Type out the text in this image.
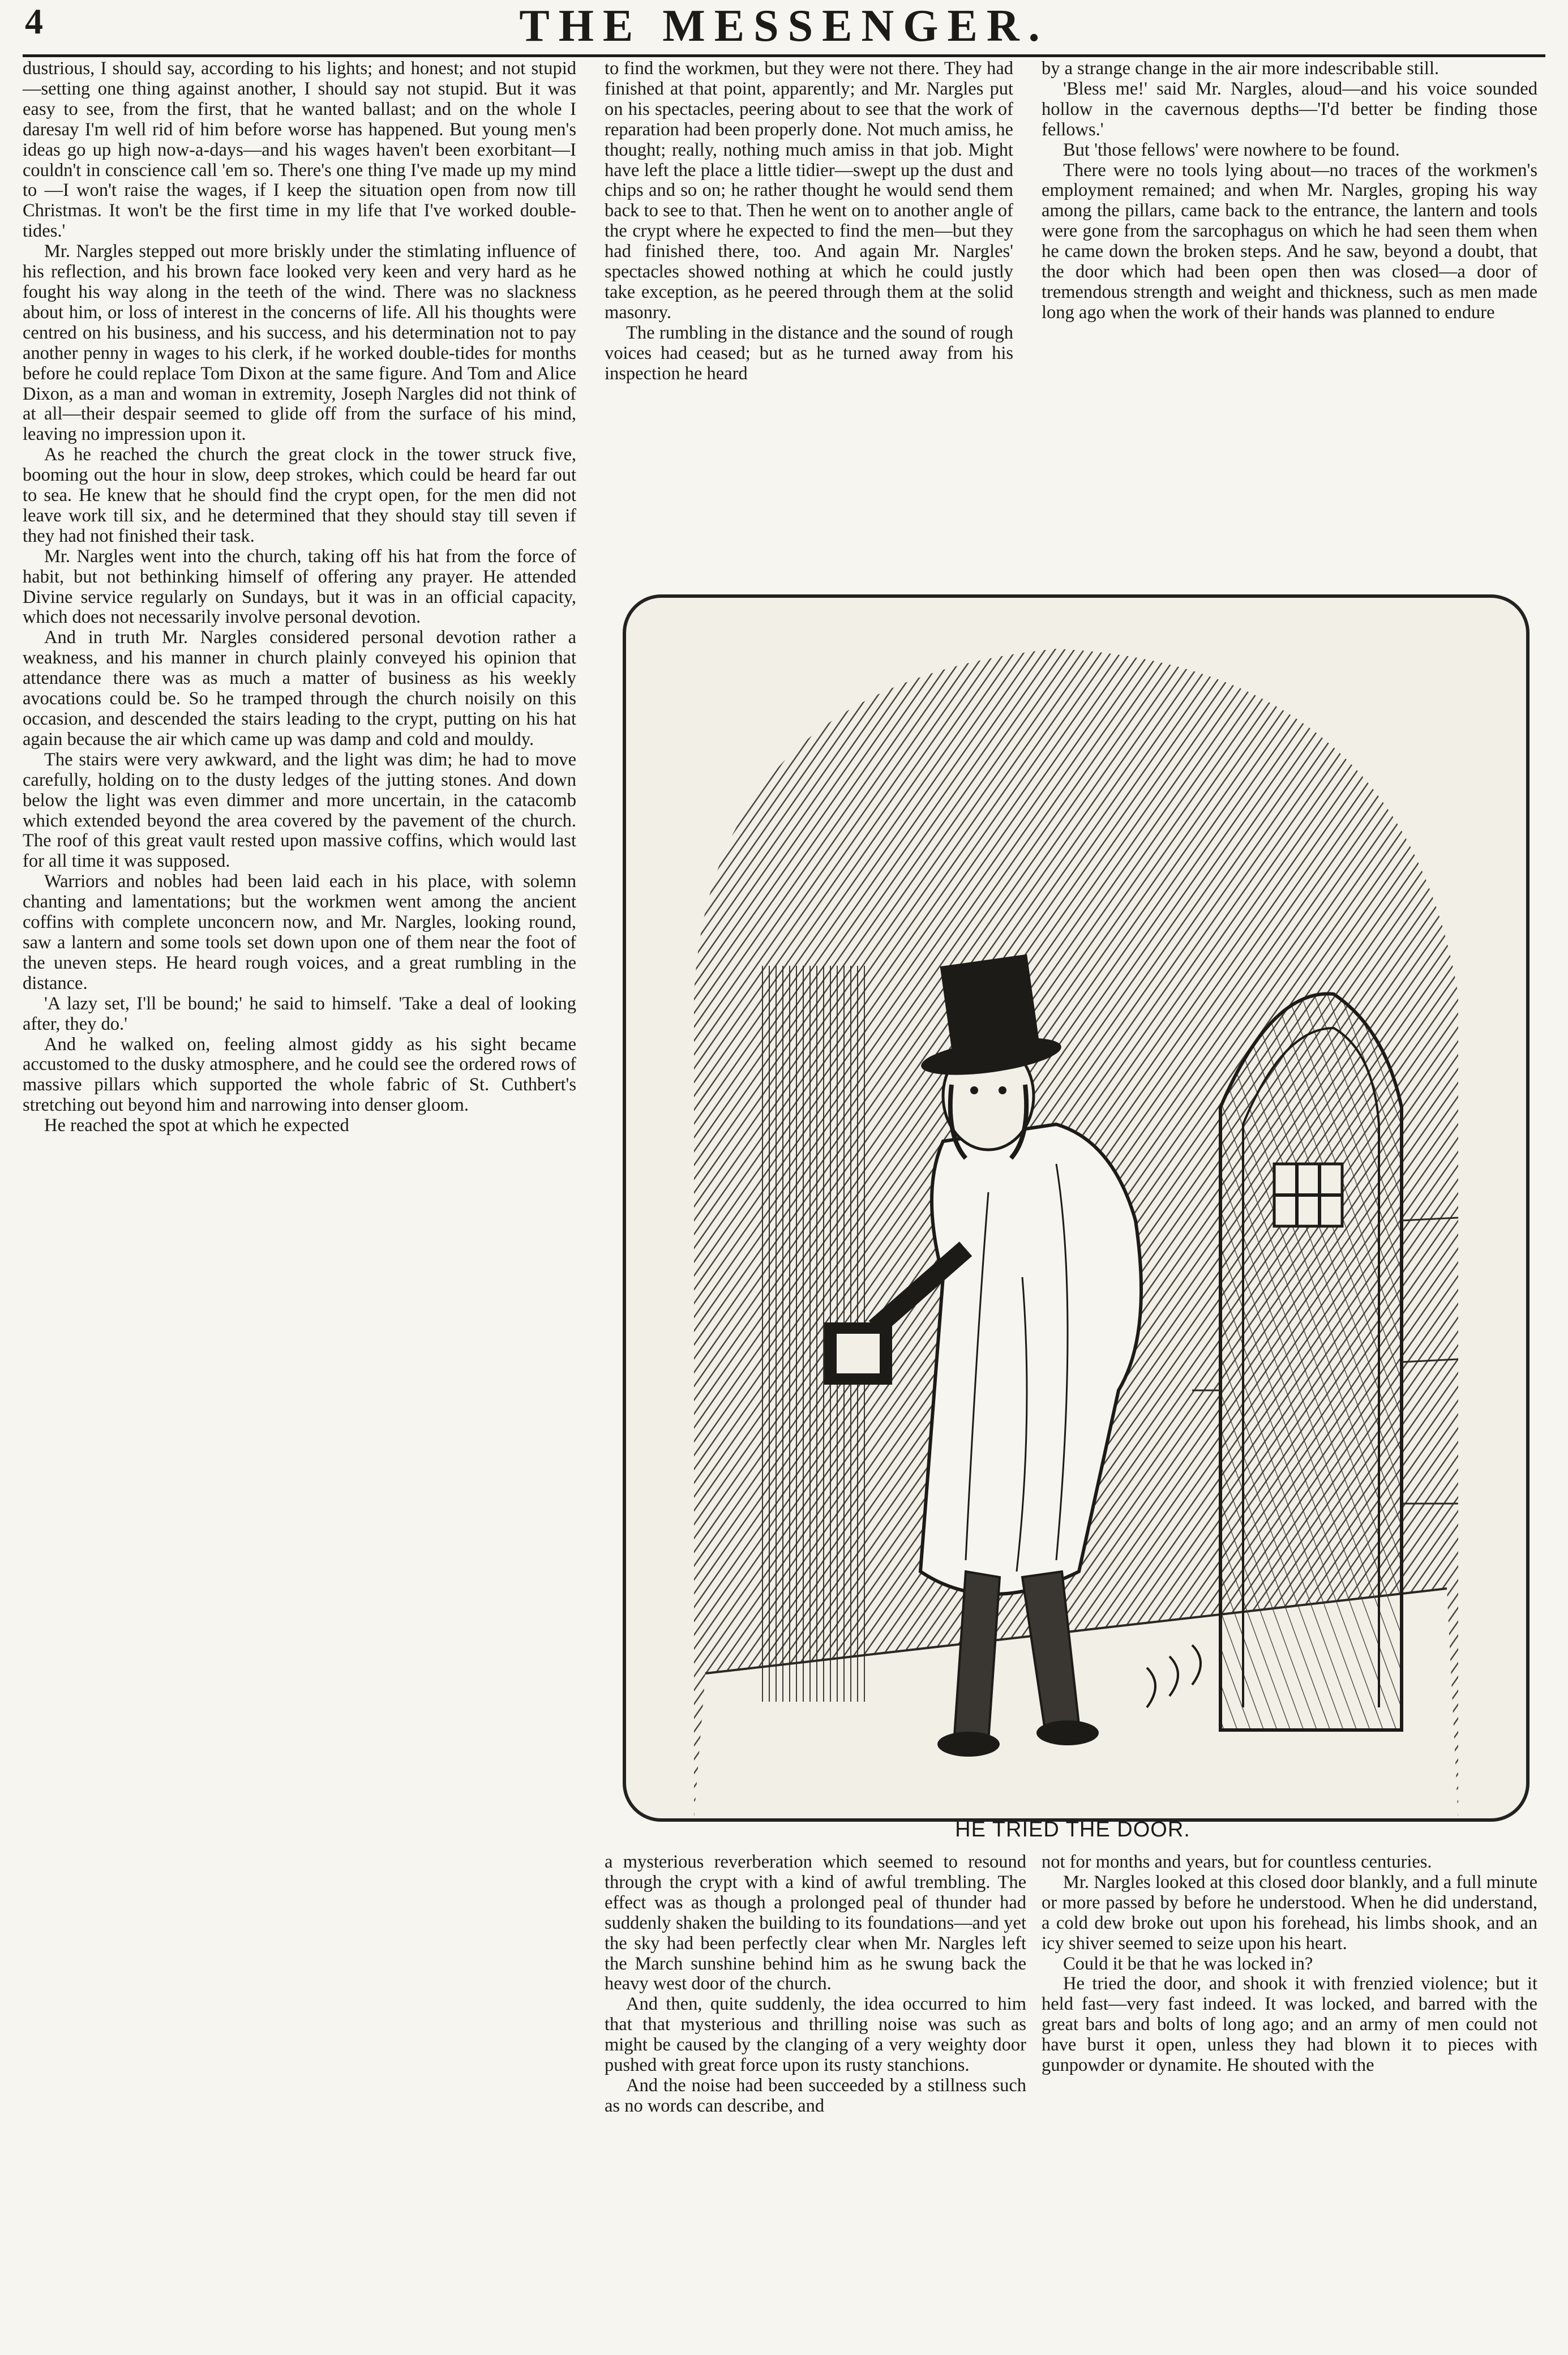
4	THE MESSENGER.

dustrious, I should say, according to his lights; and honest; and not stupid—setting one thing against another, I should say not stupid. But it was easy to see, from the first, that he wanted ballast; and on the whole I daresay I'm well rid of him before worse has happened. But young men's ideas go up high now-a-days—and his wages haven't been exorbitant—I couldn't in conscience call 'em so. There's one thing I've made up my mind to —I won't raise the wages, if I keep the situation open from now till Christmas. It won't be the first time in my life that I've worked double-tides.'

Mr. Nargles stepped out more briskly under the stimlating influence of his reflection, and his brown face looked very keen and very hard as he fought his way along in the teeth of the wind. There was no slackness about him, or loss of interest in the concerns of life. All his thoughts were centred on his business, and his success, and his determination not to pay another penny in wages to his clerk, if he worked double-tides for months before he could replace Tom Dixon at the same figure. And Tom and Alice Dixon, as a man and woman in extremity, Joseph Nargles did not think of at all—their despair seemed to glide off from the surface of his mind, leaving no impression upon it.

As he reached the church the great clock in the tower struck five, booming out the hour in slow, deep strokes, which could be heard far out to sea. He knew that he should find the crypt open, for the men did not leave work till six, and he determined that they should stay till seven if they had not finished their task.

Mr. Nargles went into the church, taking off his hat from the force of habit, but not bethinking himself of offering any prayer. He attended Divine service regularly on Sundays, but it was in an official capacity, which does not necessarily involve personal devotion.

And in truth Mr. Nargles considered personal devotion rather a weakness, and his manner in church plainly conveyed his opinion that attendance there was as much a matter of business as his weekly avocations could be. So he tramped through the church noisily on this occasion, and descended the stairs leading to the crypt, putting on his hat again because the air which came up was damp and cold and mouldy.

The stairs were very awkward, and the light was dim; he had to move carefully, holding on to the dusty ledges of the jutting stones. And down below the light was even dimmer and more uncertain, in the catacomb which extended beyond the area covered by the pavement of the church. The roof of this great vault rested upon massive coffins, which would last for all time it was supposed.

Warriors and nobles had been laid each in his place, with solemn chanting and lamentations; but the workmen went among the ancient coffins with complete unconcern now, and Mr. Nargles, looking round, saw a lantern and some tools set down upon one of them near the foot of the uneven steps. He heard rough voices, and a great rumbling in the distance.

'A lazy set, I'll be bound;' he said to himself. 'Take a deal of looking after, they do.'

And he walked on, feeling almost giddy as his sight became accustomed to the dusky atmosphere, and he could see the ordered rows of massive pillars which supported the whole fabric of St. Cuthbert's stretching out beyond him and narrowing into denser gloom.

He reached the spot at which he expected

to find the workmen, but they were not there. They had finished at that point, apparently; and Mr. Nargles put on his spectacles, peering about to see that the work of reparation had been properly done. Not much amiss, he thought; really, nothing much amiss in that job. Might have left the place a little tidier—swept up the dust and chips and so on; he rather thought he would send them back to see to that. Then he went on to another angle of the crypt where he expected to find the men—but they had finished there, too. And again Mr. Nargles' spectacles showed nothing at which he could justly take exception, as he peered through them at the solid masonry.

The rumbling in the distance and the sound of rough voices had ceased; but as he turned away from his inspection he heard

by a strange change in the air more indescribable still.

'Bless me!' said Mr. Nargles, aloud—and his voice sounded hollow in the cavernous depths—'I'd better be finding those fellows.'

But 'those fellows' were nowhere to be found.

There were no tools lying about—no traces of the workmen's employment remained; and when Mr. Nargles, groping his way among the pillars, came back to the entrance, the lantern and tools were gone from the sarcophagus on which he had seen them when he came down the broken steps. And he saw, beyond a doubt, that the door which had been open then was closed—a door of tremendous strength and weight and thickness, such as men made long ago when the work of their hands was planned to endure

HE TRIED THE DOOR.

a mysterious reverberation which seemed to resound through the crypt with a kind of awful trembling. The effect was as though a prolonged peal of thunder had suddenly shaken the building to its foundations—and yet the sky had been perfectly clear when Mr. Nargles left the March sunshine behind him as he swung back the heavy west door of the church.

And then, quite suddenly, the idea occurred to him that that mysterious and thrilling noise was such as might be caused by the clanging of a very weighty door pushed with great force upon its rusty stanchions.

And the noise had been succeeded by a stillness such as no words can describe, and

not for months and years, but for countless centuries.

Mr. Nargles looked at this closed door blankly, and a full minute or more passed by before he understood. When he did understand, a cold dew broke out upon his forehead, his limbs shook, and an icy shiver seemed to seize upon his heart.

Could it be that he was locked in?

He tried the door, and shook it with frenzied violence; but it held fast—very fast indeed. It was locked, and barred with the great bars and bolts of long ago; and an army of men could not have burst it open, unless they had blown it to pieces with gunpowder or dynamite. He shouted with the
